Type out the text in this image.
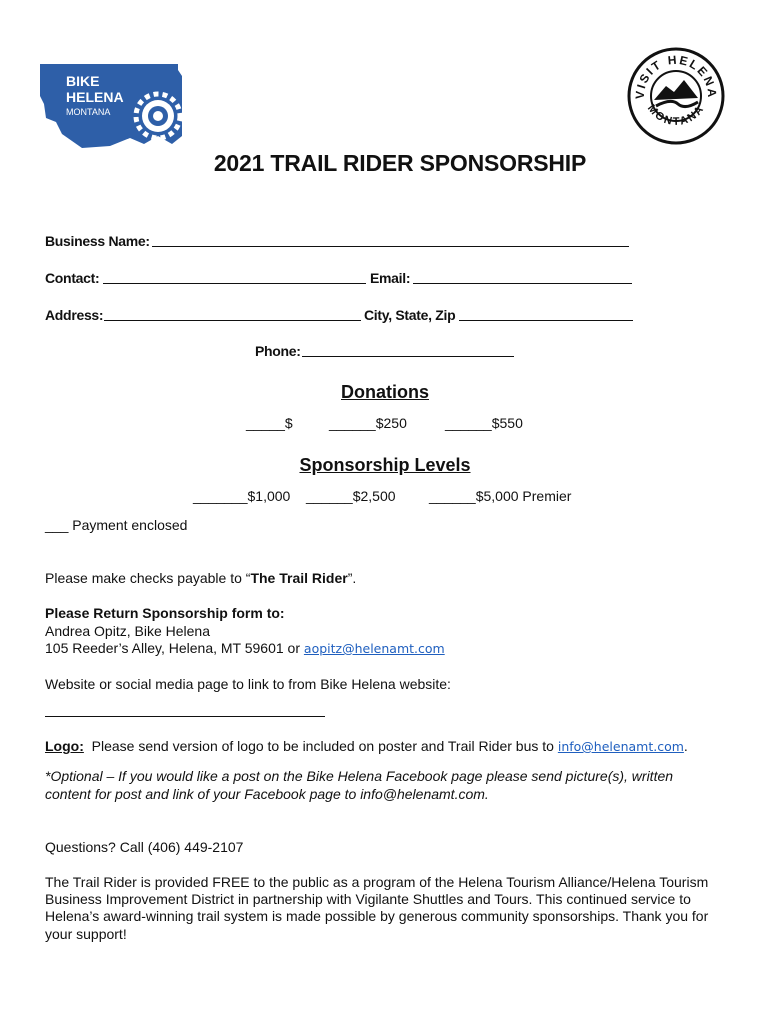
BIKE
HELENA
MONTANA
VISIT HELENA
MONTANA
2021 TRAIL RIDER SPONSORSHIP
Business Name:
Contact:	Email:
Address:	City, State, Zip
Phone:
Donations
_____$	______$250	______$550
Sponsorship Levels
_______$1,000 ______$2,500 ______$5,000 Premier
___ Payment enclosed
Please make checks payable to “The Trail Rider”.
Please Return Sponsorship form to:
Andrea Opitz, Bike Helena
105 Reeder’s Alley, Helena, MT 59601 or aopitz@helenamt.com
Website or social media page to link to from Bike Helena website:
Logo:  Please send version of logo to be included on poster and Trail Rider bus to info@helenamt.com.
*Optional – If you would like a post on the Bike Helena Facebook page please send picture(s), written
content for post and link of your Facebook page to info@helenamt.com.
Questions? Call (406) 449-2107
The Trail Rider is provided FREE to the public as a program of the Helena Tourism Alliance/Helena Tourism
Business Improvement District in partnership with Vigilante Shuttles and Tours. This continued service to
Helena’s award-winning trail system is made possible by generous community sponsorships. Thank you for
your support!
